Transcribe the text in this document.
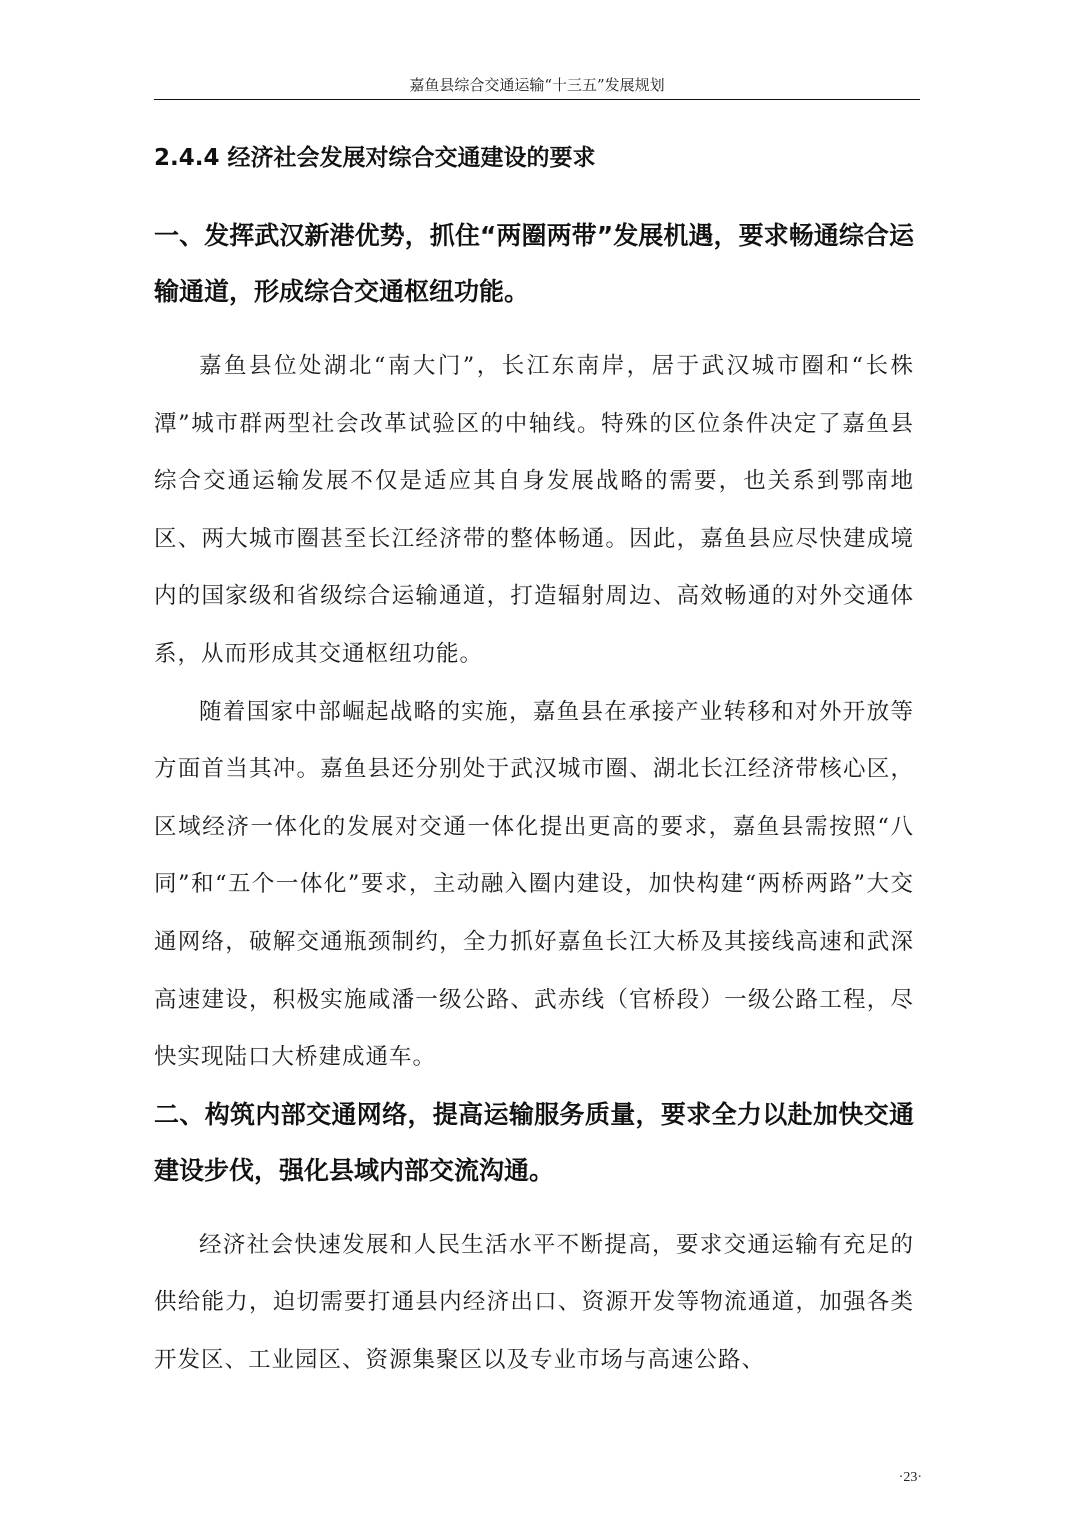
嘉鱼县综合交通运输“十三五”发展规划
2.4.4 经济社会发展对综合交通建设的要求
一、发挥武汉新港优势，抓住“两圈两带”发展机遇，要求畅通综合运输通道，形成综合交通枢纽功能。

嘉鱼县位处湖北“南大门”，长江东南岸，居于武汉城市圈和“长株潭”城市群两型社会改革试验区的中轴线。特殊的区位条件决定了嘉鱼县综合交通运输发展不仅是适应其自身发展战略的需要，也关系到鄂南地区、两大城市圈甚至长江经济带的整体畅通。因此，嘉鱼县应尽快建成境内的国家级和省级综合运输通道，打造辐射周边、高效畅通的对外交通体系，从而形成其交通枢纽功能。

随着国家中部崛起战略的实施，嘉鱼县在承接产业转移和对外开放等方面首当其冲。嘉鱼县还分别处于武汉城市圈、湖北长江经济带核心区，区域经济一体化的发展对交通一体化提出更高的要求，嘉鱼县需按照“八同”和“五个一体化”要求，主动融入圈内建设，加快构建“两桥两路”大交通网络，破解交通瓶颈制约，全力抓好嘉鱼长江大桥及其接线高速和武深高速建设，积极实施咸潘一级公路、武赤线（官桥段）一级公路工程，尽快实现陆口大桥建成通车。

二、构筑内部交通网络，提高运输服务质量，要求全力以赴加快交通建设步伐，强化县域内部交流沟通。

经济社会快速发展和人民生活水平不断提高，要求交通运输有充足的供给能力，迫切需要打通县内经济出口、资源开发等物流通道，加强各类开发区、工业园区、资源集聚区以及专业市场与高速公路、

·23·
